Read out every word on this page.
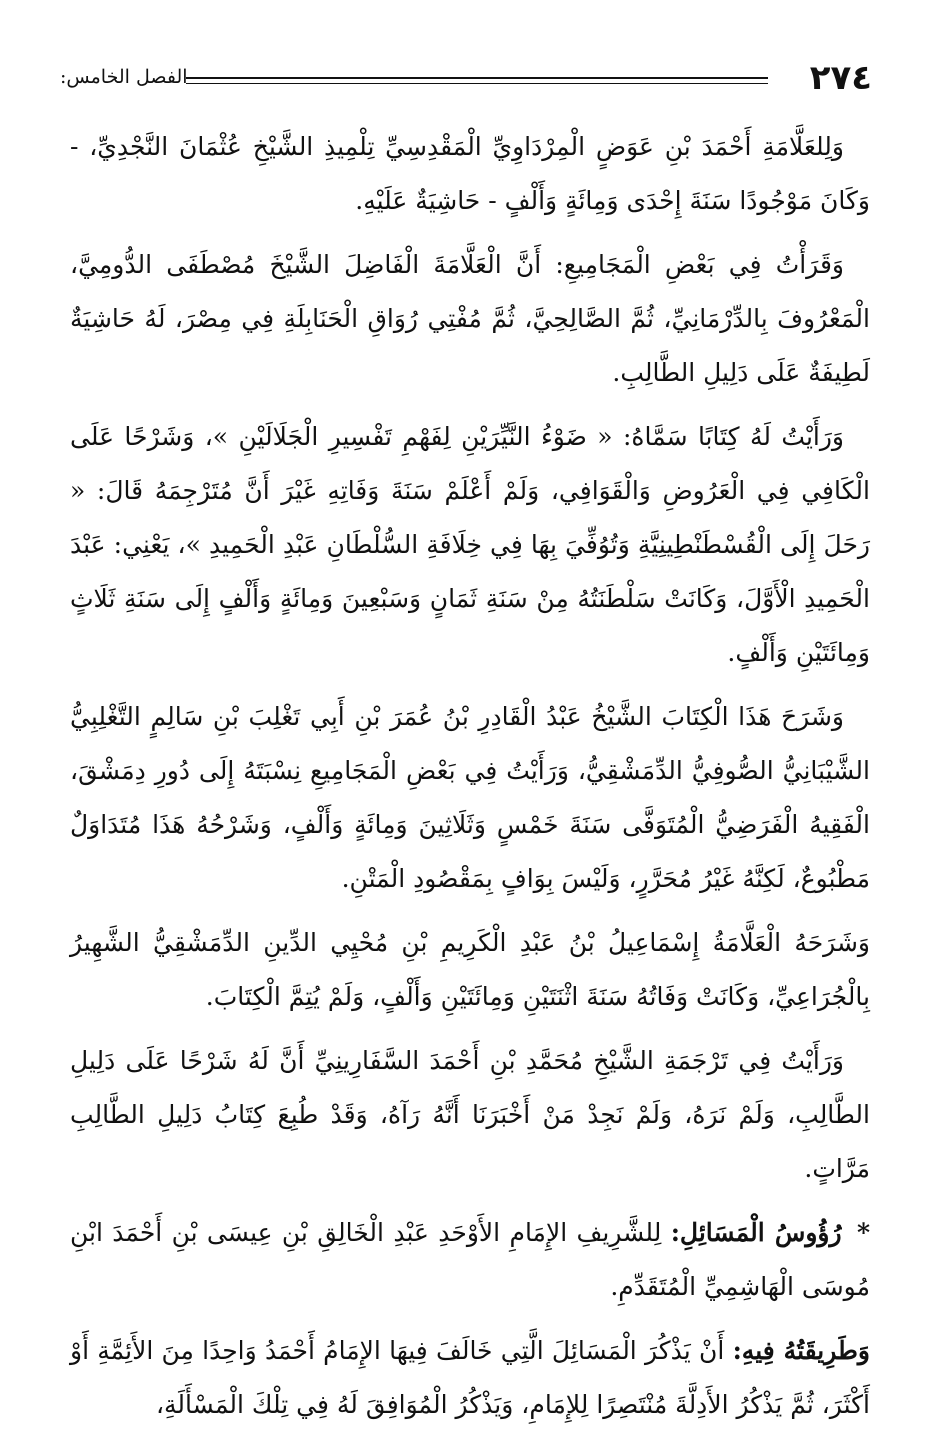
٢٧٤
الفصل الخامس:

وَلِلعَلَّامَةِ أَحْمَدَ بْنِ عَوَضٍ الْمِرْدَاوِيِّ الْمَقْدِسِيِّ تِلْمِيذِ الشَّيْخِ عُثْمَانَ النَّجْدِيِّ، - وَكَانَ مَوْجُودًا سَنَةَ إِحْدَى وَمِائَةٍ وَأَلْفٍ - حَاشِيَةٌ عَلَيْهِ.

وَقَرَأْتُ فِي بَعْضِ الْمَجَامِيعِ: أَنَّ الْعَلَّامَةَ الْفَاضِلَ الشَّيْخَ مُصْطَفَى الدُّومِيَّ، الْمَعْرُوفَ بِالدِّرْمَانِيِّ، ثُمَّ الصَّالِحِيَّ، ثُمَّ مُفْتِي رُوَاقِ الْحَنَابِلَةِ فِي مِصْرَ، لَهُ حَاشِيَةٌ لَطِيفَةٌ عَلَى دَلِيلِ الطَّالِبِ.

وَرَأَيْتُ لَهُ كِتَابًا سَمَّاهُ: « ضَوْءُ النَّيِّرَيْنِ لِفَهْمِ تَفْسِيرِ الْجَلَالَيْنِ »، وَشَرْحًا عَلَى الْكَافِي فِي الْعَرُوضِ وَالْقَوَافِي، وَلَمْ أَعْلَمْ سَنَةَ وَفَاتِهِ غَيْرَ أَنَّ مُتَرْجِمَهُ قَالَ: « رَحَلَ إِلَى الْقُسْطَنْطِينِيَّةِ وَتُوُفِّيَ بِهَا فِي خِلَافَةِ السُّلْطَانِ عَبْدِ الْحَمِيدِ »، يَعْنِي: عَبْدَ الْحَمِيدِ الْأَوَّلَ، وَكَانَتْ سَلْطَنَتُهُ مِنْ سَنَةِ ثَمَانٍ وَسَبْعِينَ وَمِائَةٍ وَأَلْفٍ إِلَى سَنَةِ ثَلَاثٍ وَمِائَتَيْنِ وَأَلْفٍ.

وَشَرَحَ هَذَا الْكِتَابَ الشَّيْخُ عَبْدُ الْقَادِرِ بْنُ عُمَرَ بْنِ أَبِي تَغْلِبَ بْنِ سَالِمٍ التَّغْلِبِيُّ الشَّيْبَانِيُّ الصُّوفِيُّ الدِّمَشْقِيُّ، وَرَأَيْتُ فِي بَعْضِ الْمَجَامِيعِ نِسْبَتَهُ إِلَى دُورِ دِمَشْقَ، الْفَقِيهُ الْفَرَضِيُّ الْمُتَوَفَّى سَنَةَ خَمْسٍ وَثَلَاثِينَ وَمِائَةٍ وَأَلْفٍ، وَشَرْحُهُ هَذَا مُتَدَاوَلٌ مَطْبُوعٌ، لَكِنَّهُ غَيْرُ مُحَرَّرٍ، وَلَيْسَ بِوَافٍ بِمَقْصُودِ الْمَتْنِ.

وَشَرَحَهُ الْعَلَّامَةُ إِسْمَاعِيلُ بْنُ عَبْدِ الْكَرِيمِ بْنِ مُحْيِي الدِّينِ الدِّمَشْقِيُّ الشَّهِيرُ بِالْجُرَاعِيِّ، وَكَانَتْ وَفَاتُهُ سَنَةَ اثْنَتَيْنِ وَمِائَتَيْنِ وَأَلْفٍ، وَلَمْ يُتِمَّ الْكِتَابَ.

وَرَأَيْتُ فِي تَرْجَمَةِ الشَّيْخِ مُحَمَّدِ بْنِ أَحْمَدَ السَّفَارِينِيِّ أَنَّ لَهُ شَرْحًا عَلَى دَلِيلِ الطَّالِبِ، وَلَمْ نَرَهُ، وَلَمْ نَجِدْ مَنْ أَخْبَرَنَا أَنَّهُ رَآهُ، وَقَدْ طُبِعَ كِتَابُ دَلِيلِ الطَّالِبِ مَرَّاتٍ.

* رُؤُوسُ الْمَسَائِلِ: لِلشَّرِيفِ الإِمَامِ الأَوْحَدِ عَبْدِ الْخَالِقِ بْنِ عِيسَى بْنِ أَحْمَدَ ابْنِ مُوسَى الْهَاشِمِيِّ الْمُتَقَدِّمِ.

وَطَرِيقَتُهُ فِيهِ: أَنْ يَذْكُرَ الْمَسَائِلَ الَّتِي خَالَفَ فِيهَا الإِمَامُ أَحْمَدُ وَاحِدًا مِنَ الأَئِمَّةِ أَوْ أَكْثَرَ، ثُمَّ يَذْكُرُ الأَدِلَّةَ مُنْتَصِرًا لِلإِمَامِ، وَيَذْكُرُ الْمُوَافِقَ لَهُ فِي تِلْكَ الْمَسْأَلَةِ،
